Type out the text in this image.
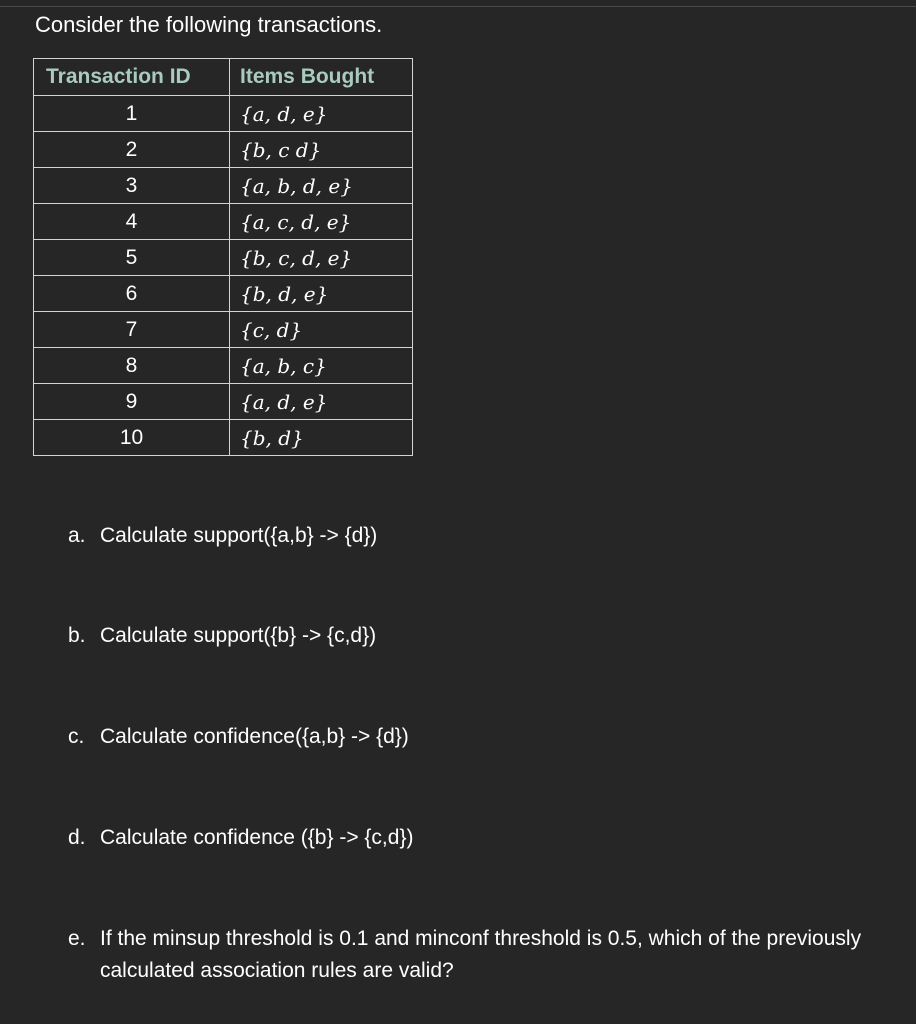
Consider the following transactions.

Transaction ID	Items Bought
1	{a, d, e}
2	{b, c d}
3	{a, b, d, e}
4	{a, c, d, e}
5	{b, c, d, e}
6	{b, d, e}
7	{c, d}
8	{a, b, c}
9	{a, d, e}
10	{b, d}

a. Calculate support({a,b} -> {d})

b. Calculate support({b} -> {c,d})

c. Calculate confidence({a,b} -> {d})

d. Calculate confidence ({b} -> {c,d})

e. If the minsup threshold is 0.1 and minconf threshold is 0.5, which of the previously calculated association rules are valid?
